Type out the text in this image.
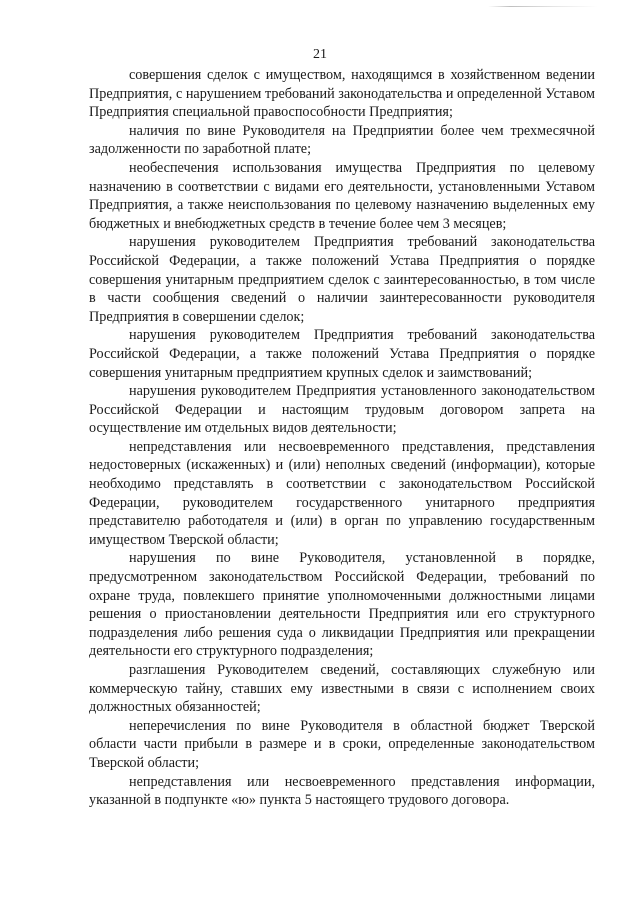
21

совершения сделок с имуществом, находящимся в хозяйственном ведении Предприятия, с нарушением требований законодательства и определенной Уставом Предприятия специальной правоспособности Предприятия;

наличия по вине Руководителя на Предприятии более чем трехмесячной задолженности по заработной плате;

необеспечения использования имущества Предприятия по целевому назначению в соответствии с видами его деятельности, установленными Уставом Предприятия, а также неиспользования по целевому назначению выделенных ему бюджетных и внебюджетных средств в течение более чем 3 месяцев;

нарушения руководителем Предприятия требований законодательства Российской Федерации, а также положений Устава Предприятия о порядке совершения унитарным предприятием сделок с заинтересованностью, в том числе в части сообщения сведений о наличии заинтересованности руководителя Предприятия в совершении сделок;

нарушения руководителем Предприятия требований законодательства Российской Федерации, а также положений Устава Предприятия о порядке совершения унитарным предприятием крупных сделок и заимствований;

нарушения руководителем Предприятия установленного законодательством Российской Федерации и настоящим трудовым договором запрета на осуществление им отдельных видов деятельности;

непредставления или несвоевременного представления, представления недостоверных (искаженных) и (или) неполных сведений (информации), которые необходимо представлять в соответствии с законодательством Российской Федерации, руководителем государственного унитарного предприятия представителю работодателя и (или) в орган по управлению государственным имуществом Тверской области;

нарушения по вине Руководителя, установленной в порядке, предусмотренном законодательством Российской Федерации, требований по охране труда, повлекшего принятие уполномоченными должностными лицами решения о приостановлении деятельности Предприятия или его структурного подразделения либо решения суда о ликвидации Предприятия или прекращении деятельности его структурного подразделения;

разглашения Руководителем сведений, составляющих служебную или коммерческую тайну, ставших ему известными в связи с исполнением своих должностных обязанностей;

неперечисления по вине Руководителя в областной бюджет Тверской области части прибыли в размере и в сроки, определенные законодательством Тверской области;

непредставления или несвоевременного представления информации, указанной в подпункте «ю» пункта 5 настоящего трудового договора.
